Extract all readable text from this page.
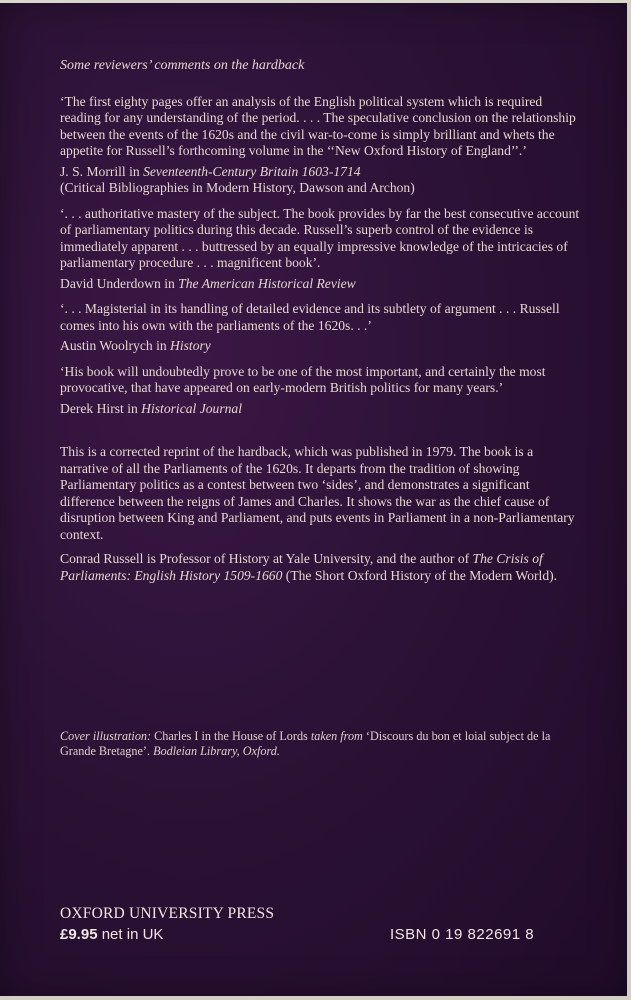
Some reviewers’ comments on the hardback

‘The first eighty pages offer an analysis of the English political system which is required reading for any understanding of the period. . . . The speculative conclusion on the relationship between the events of the 1620s and the civil war-to-come is simply brilliant and whets the appetite for Russell’s forthcoming volume in the ‘‘New Oxford History of England’’.’

J. S. Morrill in Seventeenth-Century Britain 1603-1714
(Critical Bibliographies in Modern History, Dawson and Archon)

‘. . . authoritative mastery of the subject. The book provides by far the best consecutive account of parliamentary politics during this decade. Russell’s superb control of the evidence is immediately apparent . . . buttressed by an equally impressive knowledge of the intricacies of parliamentary procedure . . . magnificent book’.

David Underdown in The American Historical Review

‘. . . Magisterial in its handling of detailed evidence and its subtlety of argument . . . Russell comes into his own with the parliaments of the 1620s. . .’

Austin Woolrych in History

‘His book will undoubtedly prove to be one of the most important, and certainly the most provocative, that have appeared on early-modern British politics for many years.’

Derek Hirst in Historical Journal

This is a corrected reprint of the hardback, which was published in 1979. The book is a narrative of all the Parliaments of the 1620s. It departs from the tradition of showing Parliamentary politics as a contest between two ‘sides’, and demonstrates a significant difference between the reigns of James and Charles. It shows the war as the chief cause of disruption between King and Parliament, and puts events in Parliament in a non-Parliamentary context.

Conrad Russell is Professor of History at Yale University, and the author of The Crisis of Parliaments: English History 1509-1660 (The Short Oxford History of the Modern World).

Cover illustration: Charles I in the House of Lords taken from ‘Discours du bon et loial subject de la Grande Bretagne’. Bodleian Library, Oxford.
OXFORD UNIVERSITY PRESS
£9.95 net in UK	ISBN 0 19 822691 8
